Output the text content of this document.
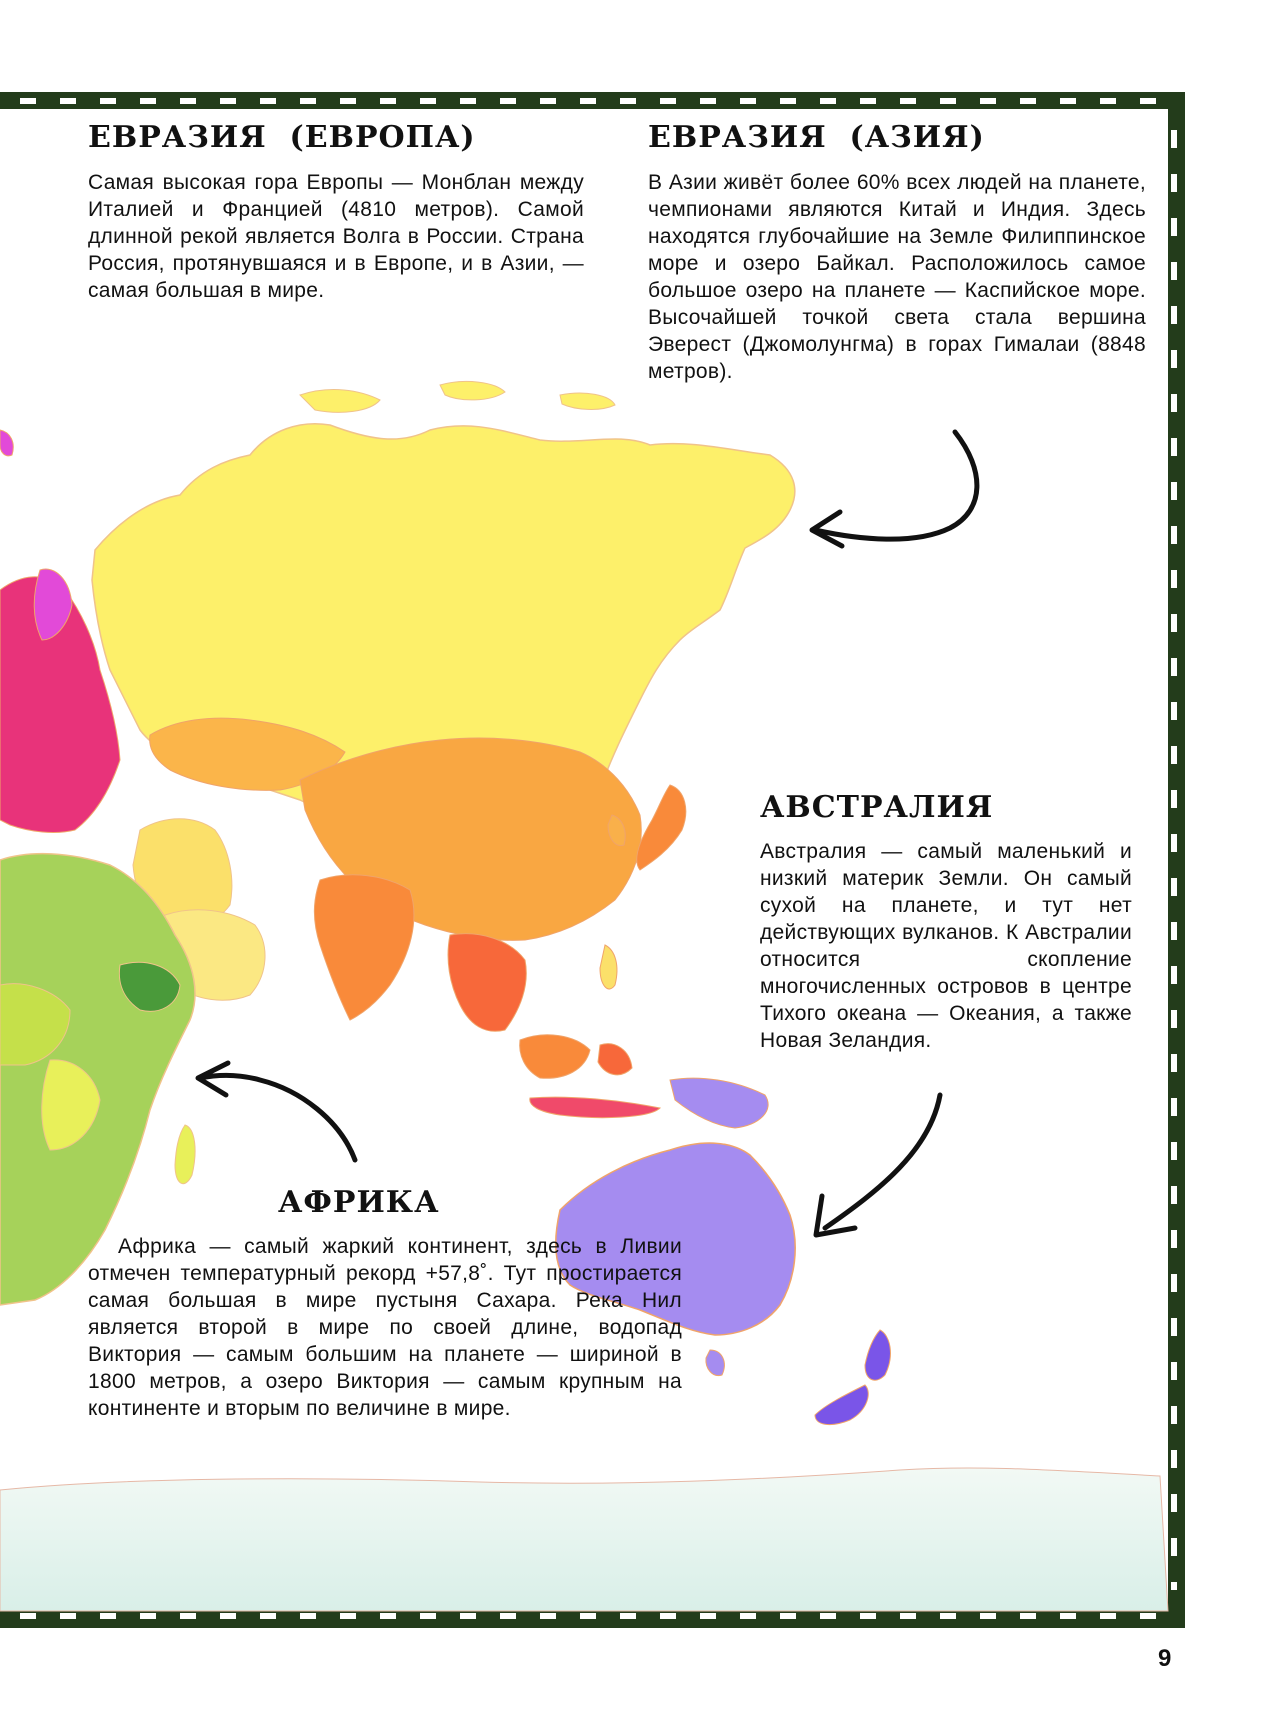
ЕВРАЗИЯ  (ЕВРОПА)

Самая высокая гора Европы — Монблан между Италией и Францией (4810 метров). Самой длинной рекой является Волга в России. Страна Россия, протянувшаяся и в Европе, и в Азии, — самая большая в мире.

ЕВРАЗИЯ  (АЗИЯ)

В Азии живёт более 60% всех людей на планете, чемпионами являются Китай и Индия. Здесь находятся глубочайшие на Земле Филиппинское море и озеро Байкал. Расположилось самое большое озеро на планете — Каспийское море. Высочайшей точкой света стала вершина Эверест (Джомолунгма) в горах Гималаи (8848 метров).

АВСТРАЛИЯ

Австралия — самый маленький и низкий материк Земли. Он самый сухой на планете, и тут нет действующих вулканов. К Австралии относится скопление многочисленных островов в центре Тихого океана — Океания, а также Новая Зеландия.

АФРИКА

Африка — самый жаркий континент, здесь в Ливии отмечен температурный рекорд +57,8˚. Тут простирается самая большая в мире пустыня Сахара. Река Нил является второй в мире по своей длине, водопад Виктория — самым большим на планете — шириной в 1800 метров, а озеро Виктория — самым крупным на континенте и вторым по величине в мире.

9
